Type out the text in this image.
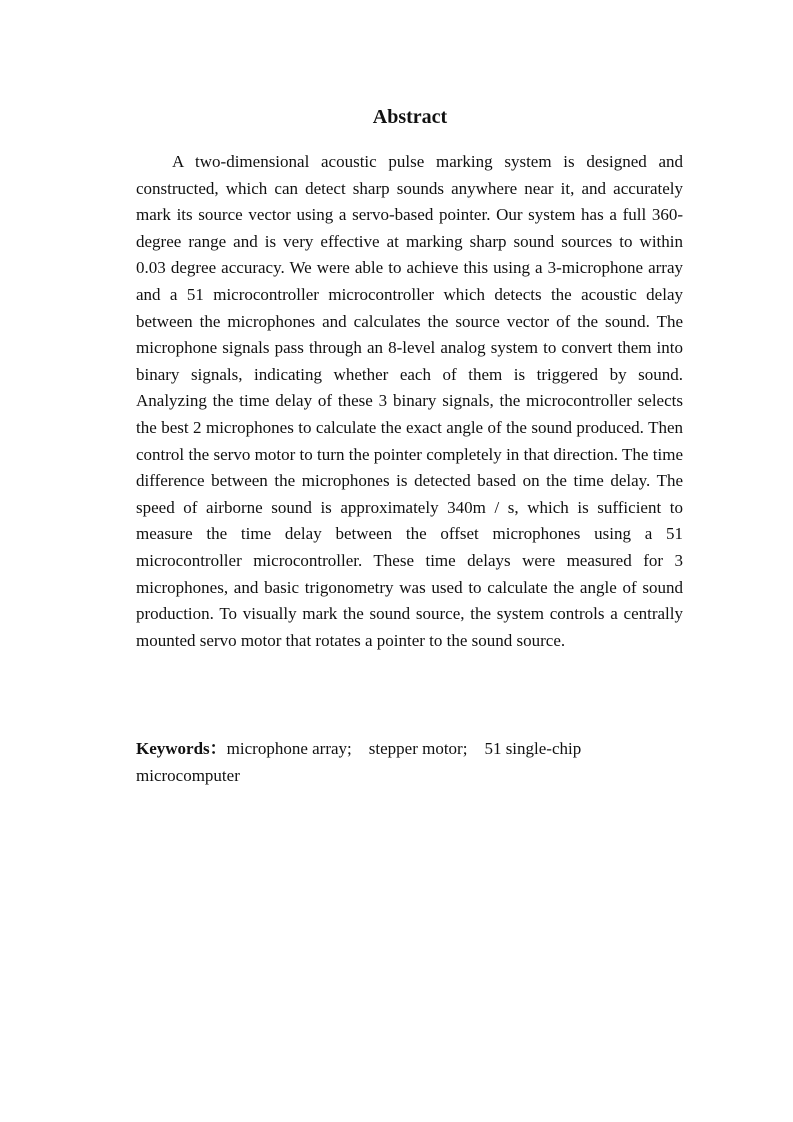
Abstract

A two-dimensional acoustic pulse marking system is designed and constructed, which can detect sharp sounds anywhere near it, and accurately mark its source vector using a servo-based pointer. Our system has a full 360-degree range and is very effective at marking sharp sound sources to within 0.03 degree accuracy. We were able to achieve this using a 3-microphone array and a 51 microcontroller microcontroller which detects the acoustic delay between the microphones and calculates the source vector of the sound. The microphone signals pass through an 8-level analog system to convert them into binary signals, indicating whether each of them is triggered by sound. Analyzing the time delay of these 3 binary signals, the microcontroller selects the best 2 microphones to calculate the exact angle of the sound produced. Then control the servo motor to turn the pointer completely in that direction. The time difference between the microphones is detected based on the time delay. The speed of airborne sound is approximately 340m / s, which is sufficient to measure the time delay between the offset microphones using a 51 microcontroller microcontroller. These time delays were measured for 3 microphones, and basic trigonometry was used to calculate the angle of sound production. To visually mark the sound source, the system controls a centrally mounted servo motor that rotates a pointer to the sound source.

Keywords：microphone array; stepper motor; 51 single-chip microcomputer
